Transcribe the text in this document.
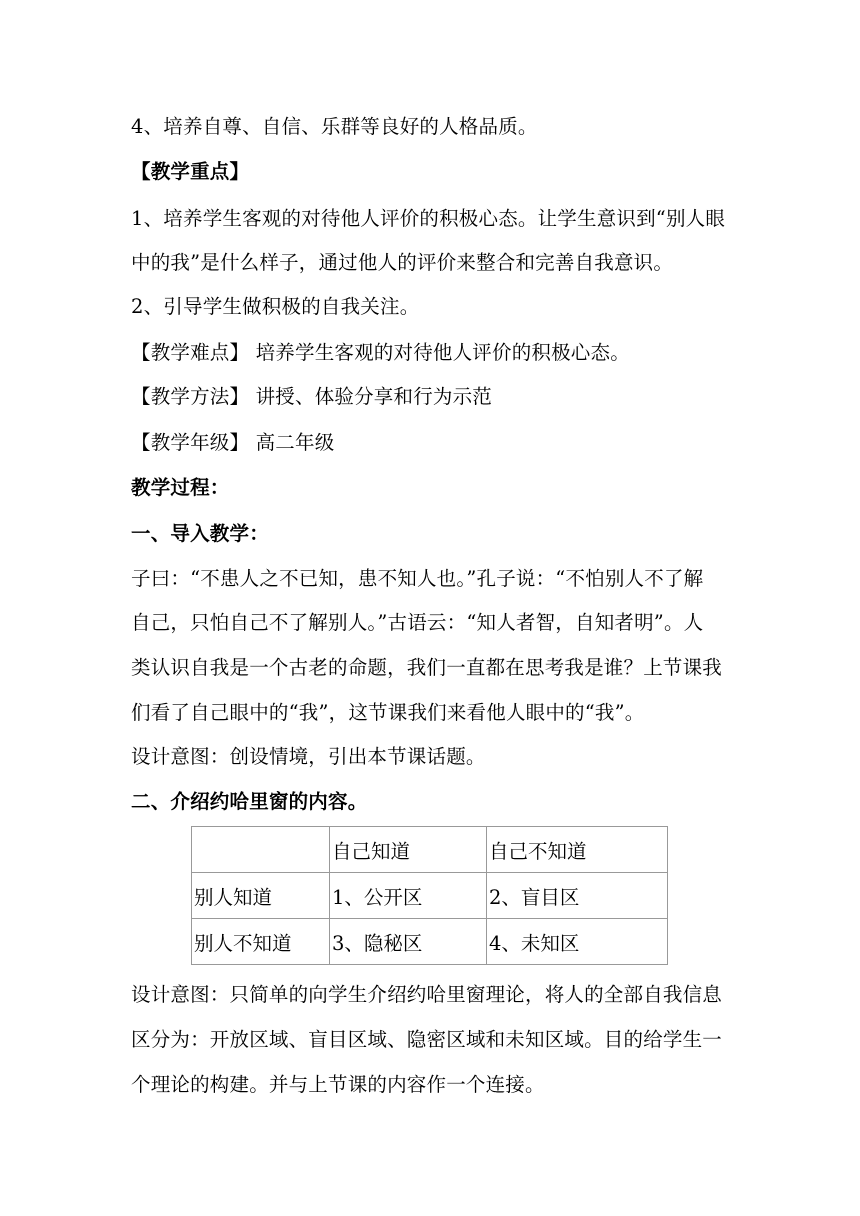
4、培养自尊、自信、乐群等良好的人格品质。
【教学重点】
1、培养学生客观的对待他人评价的积极心态。让学生意识到“别人眼
中的我”是什么样子，通过他人的评价来整合和完善自我意识。
2、引导学生做积极的自我关注。
【教学难点】 培养学生客观的对待他人评价的积极心态。
【教学方法】 讲授、体验分享和行为示范
【教学年级】 高二年级
教学过程：
一、导入教学：
子曰：“不患人之不已知，患不知人也。”孔子说：“不怕别人不了解
自己，只怕自己不了解别人。”古语云：“知人者智，自知者明”。人
类认识自我是一个古老的命题，我们一直都在思考我是谁？上节课我
们看了自己眼中的“我”，这节课我们来看他人眼中的“我”。
设计意图：创设情境，引出本节课话题。
二、介绍约哈里窗的内容。
	自己知道	自己不知道
别人知道	1、公开区	2、盲目区
别人不知道	3、隐秘区	4、未知区
设计意图：只简单的向学生介绍约哈里窗理论，将人的全部自我信息
区分为：开放区域、盲目区域、隐密区域和未知区域。目的给学生一
个理论的构建。并与上节课的内容作一个连接。
